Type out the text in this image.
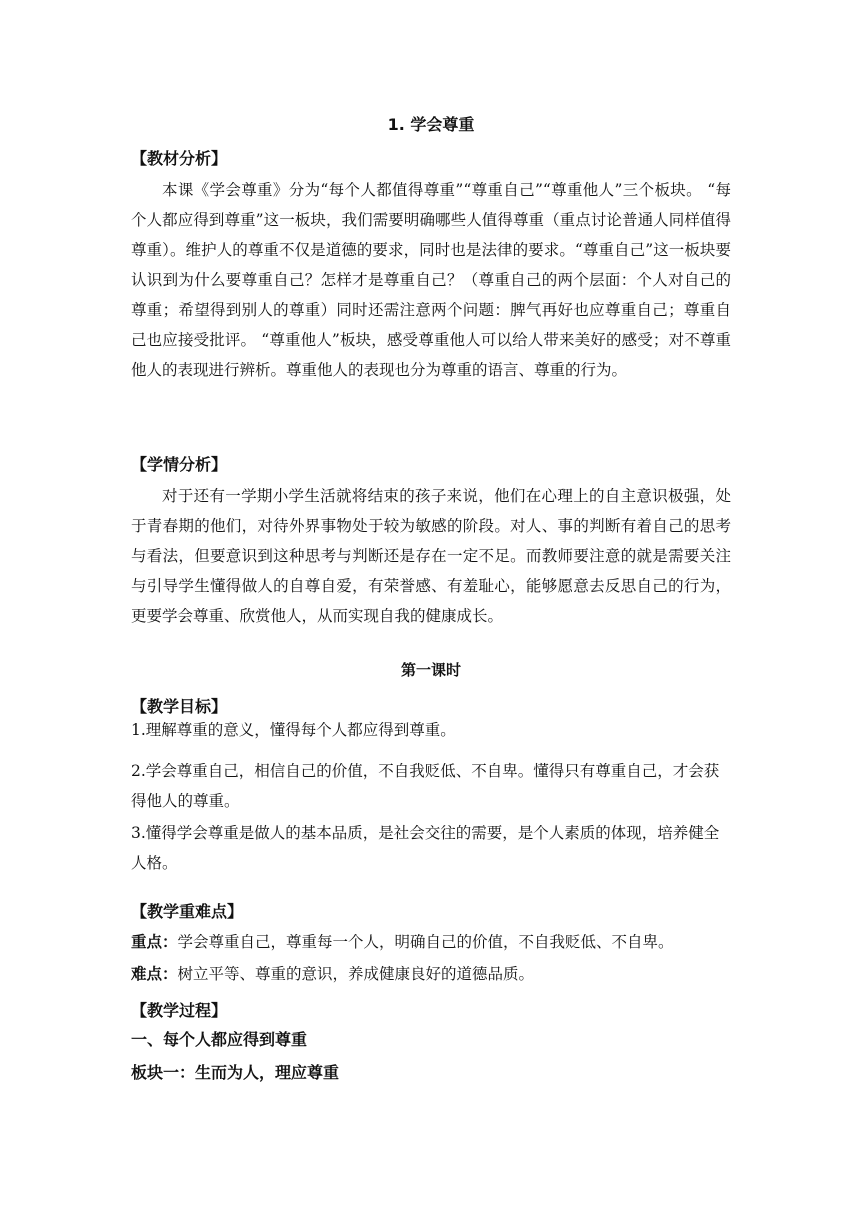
1. 学会尊重
【教材分析】

本课《学会尊重》分为“每个人都值得尊重”“尊重自己”“尊重他人”三个板块。 “每个人都应得到尊重”这一板块，我们需要明确哪些人值得尊重（重点讨论普通人同样值得尊重）。维护人的尊重不仅是道德的要求，同时也是法律的要求。“尊重自己”这一板块要认识到为什么要尊重自己？怎样才是尊重自己？（尊重自己的两个层面：个人对自己的尊重；希望得到别人的尊重）同时还需注意两个问题：脾气再好也应尊重自己；尊重自己也应接受批评。 “尊重他人”板块，感受尊重他人可以给人带来美好的感受；对不尊重他人的表现进行辨析。尊重他人的表现也分为尊重的语言、尊重的行为。

【学情分析】

对于还有一学期小学生活就将结束的孩子来说，他们在心理上的自主意识极强，处于青春期的他们，对待外界事物处于较为敏感的阶段。对人、事的判断有着自己的思考与看法，但要意识到这种思考与判断还是存在一定不足。而教师要注意的就是需要关注与引导学生懂得做人的自尊自爱，有荣誉感、有羞耻心，能够愿意去反思自己的行为，更要学会尊重、欣赏他人，从而实现自我的健康成长。

第一课时
【教学目标】

1.理解尊重的意义，懂得每个人都应得到尊重。

2.学会尊重自己，相信自己的价值，不自我贬低、不自卑。懂得只有尊重自己，才会获得他人的尊重。

3.懂得学会尊重是做人的基本品质，是社会交往的需要，是个人素质的体现，培养健全人格。

【教学重难点】

重点：学会尊重自己，尊重每一个人，明确自己的价值，不自我贬低、不自卑。

难点：树立平等、尊重的意识，养成健康良好的道德品质。

【教学过程】
一、每个人都应得到尊重
板块一：生而为人，理应尊重
